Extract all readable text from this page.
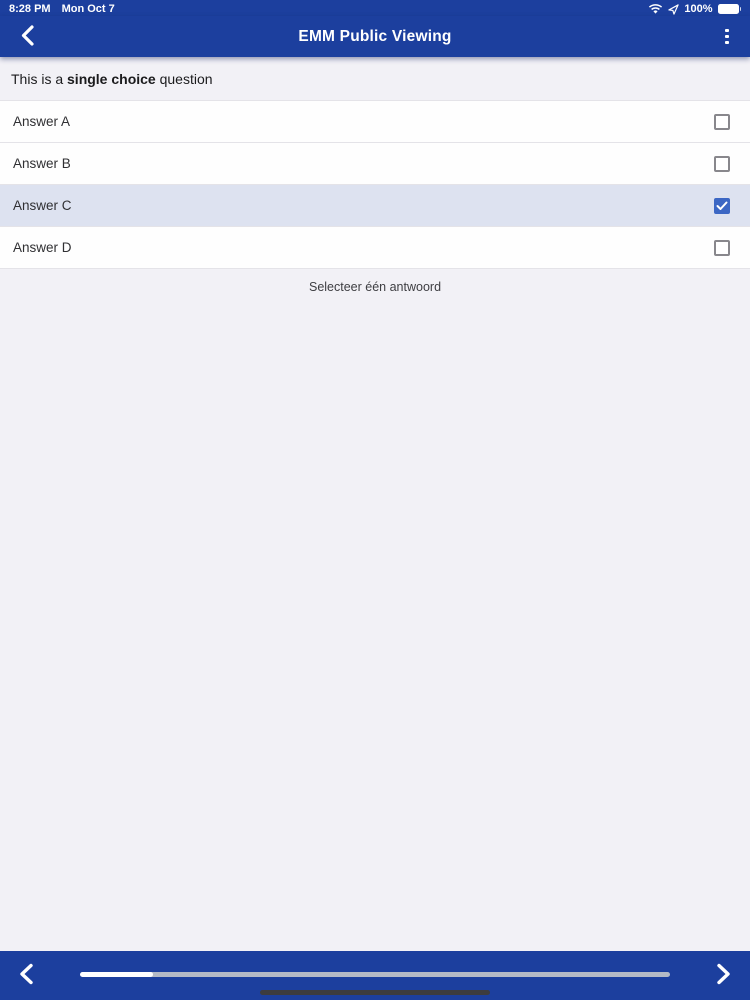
8:28 PM Mon Oct 7	100%
EMM Public Viewing
This is a single choice question
Answer A
Answer B
Answer C
Answer D
Selecteer één antwoord
